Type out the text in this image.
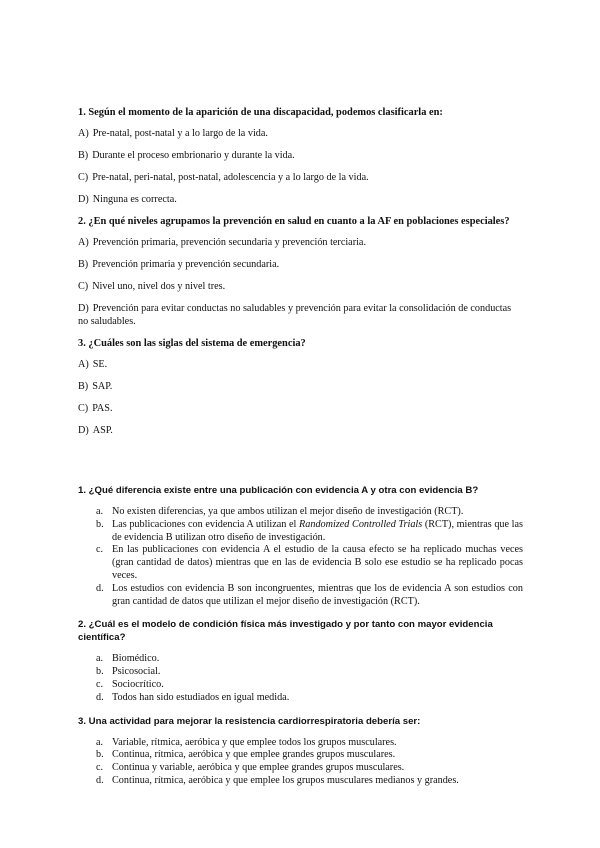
1. Según el momento de la aparición de una discapacidad, podemos clasificarla en:

A) Pre-natal, post-natal y a lo largo de la vida.

B) Durante el proceso embrionario y durante la vida.

C) Pre-natal, peri-natal, post-natal, adolescencia y a lo largo de la vida.

D) Ninguna es correcta.

2. ¿En qué niveles agrupamos la prevención en salud en cuanto a la AF en poblaciones especiales?

A) Prevención primaria, prevención secundaria y prevención terciaria.

B) Prevención primaria y prevención secundaria.

C) Nivel uno, nivel dos y nivel tres.

D) Prevención para evitar conductas no saludables y prevención para evitar la consolidación de conductas no saludables.

3. ¿Cuáles son las siglas del sistema de emergencia?

A) SE.

B) SAP.

C) PAS.

D) ASP.

1. ¿Qué diferencia existe entre una publicación con evidencia A y otra con evidencia B?

a. No existen diferencias, ya que ambos utilizan el mejor diseño de investigación (RCT).
b. Las publicaciones con evidencia A utilizan el Randomized Controlled Trials (RCT), mientras que las de evidencia B utilizan otro diseño de investigación.
c. En las publicaciones con evidencia A el estudio de la causa efecto se ha replicado muchas veces (gran cantidad de datos) mientras que en las de evidencia B solo ese estudio se ha replicado pocas veces.
d. Los estudios con evidencia B son incongruentes, mientras que los de evidencia A son estudios con gran cantidad de datos que utilizan el mejor diseño de investigación (RCT).

2. ¿Cuál es el modelo de condición física más investigado y por tanto con mayor evidencia científica?

a. Biomédico.
b. Psicosocial.
c. Sociocrítico.
d. Todos han sido estudiados en igual medida.

3. Una actividad para mejorar la resistencia cardiorrespiratoria debería ser:

a. Variable, rítmica, aeróbica y que emplee todos los grupos musculares.
b. Continua, rítmica, aeróbica y que emplee grandes grupos musculares.
c. Continua y variable, aeróbica y que emplee grandes grupos musculares.
d. Continua, rítmica, aeróbica y que emplee los grupos musculares medianos y grandes.
